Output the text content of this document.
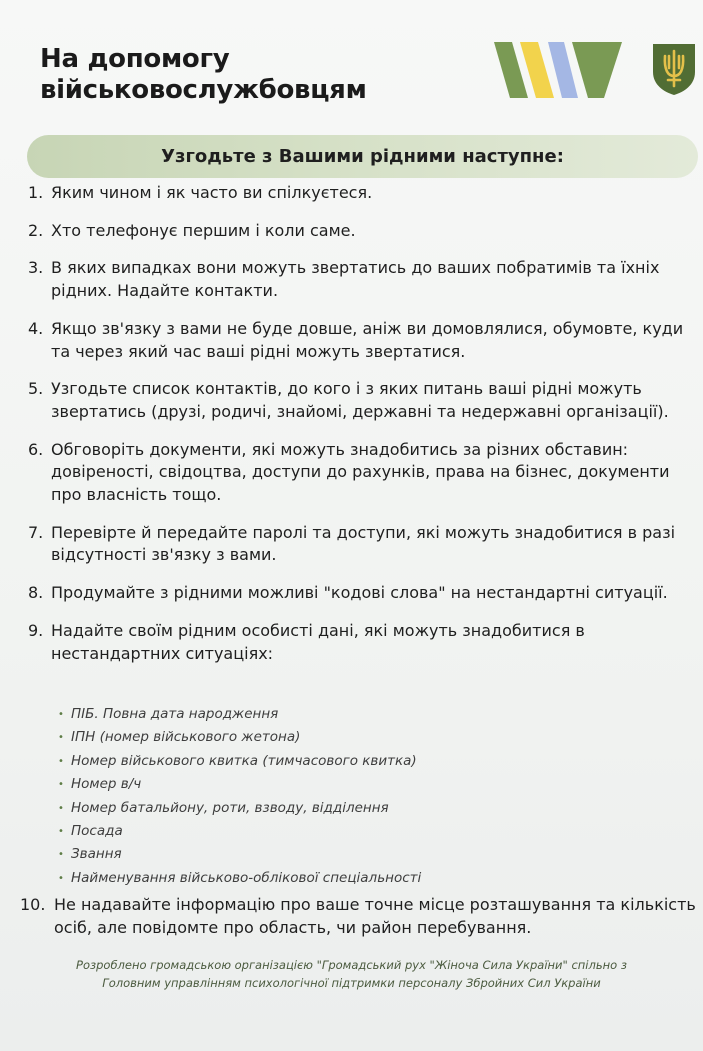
На допомогу
військовослужбовцям
Узгодьте з Вашими рідними наступне:
1. Яким чином і як часто ви спілкуєтеся.
2. Хто телефонує першим і коли саме.
3. В яких випадках вони можуть звертатись до ваших побратимів та їхніх рідних. Надайте контакти.
4. Якщо зв'язку з вами не буде довше, аніж ви домовлялися, обумовте, куди та через який час ваші рідні можуть звертатися.
5. Узгодьте список контактів, до кого і з яких питань ваші рідні можуть звертатись (друзі, родичі, знайомі, державні та недержавні організації).
6. Обговоріть документи, які можуть знадобитись за різних обставин: довіреності, свідоцтва, доступи до рахунків, права на бізнес, документи про власність тощо.
7. Перевірте й передайте паролі та доступи, які можуть знадобитися в разі відсутності зв'язку з вами.
8. Продумайте з рідними можливі "кодові слова" на нестандартні ситуації.
9. Надайте своїм рідним особисті дані, які можуть знадобитися в нестандартних ситуаціях:
• ПІБ. Повна дата народження
• ІПН (номер військового жетона)
• Номер військового квитка (тимчасового квитка)
• Номер в/ч
• Номер батальйону, роти, взводу, відділення
• Посада
• Звання
• Найменування військово-облікової спеціальності
10. Не надавайте інформацію про ваше точне місце розташування та кількість осіб, але повідомте про область, чи район перебування.

Розроблено громадською організацією "Громадський рух "Жіноча Сила України" спільно з
Головним управлінням психологічної підтримки персоналу Збройних Сил України
